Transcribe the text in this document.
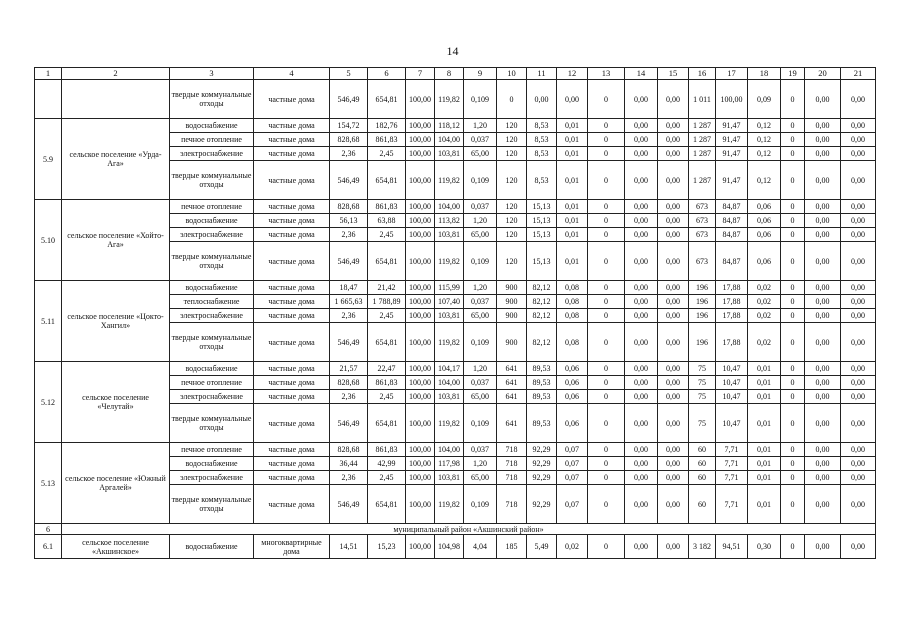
14
1	2	3	4	5	6	7	8	9	10	11	12	13	14	15	16	17	18	19	20	21
		твердые коммунальные отходы	частные дома	546,49	654,81	100,00	119,82	0,109	0	0,00	0,00	0	0,00	0,00	1 011	100,00	0,09	0	0,00	0,00
5.9	сельское поселение «Урда-Ага»	водоснабжение	частные дома	154,72	182,76	100,00	118,12	1,20	120	8,53	0,01	0	0,00	0,00	1 287	91,47	0,12	0	0,00	0,00
		печное отопление	частные дома	828,68	861,83	100,00	104,00	0,037	120	8,53	0,01	0	0,00	0,00	1 287	91,47	0,12	0	0,00	0,00
		электроснабжение	частные дома	2,36	2,45	100,00	103,81	65,00	120	8,53	0,01	0	0,00	0,00	1 287	91,47	0,12	0	0,00	0,00
		твердые коммунальные отходы	частные дома	546,49	654,81	100,00	119,82	0,109	120	8,53	0,01	0	0,00	0,00	1 287	91,47	0,12	0	0,00	0,00
5.10	сельское поселение «Хойто-Ага»	печное отопление	частные дома	828,68	861,83	100,00	104,00	0,037	120	15,13	0,01	0	0,00	0,00	673	84,87	0,06	0	0,00	0,00
		водоснабжение	частные дома	56,13	63,88	100,00	113,82	1,20	120	15,13	0,01	0	0,00	0,00	673	84,87	0,06	0	0,00	0,00
		электроснабжение	частные дома	2,36	2,45	100,00	103,81	65,00	120	15,13	0,01	0	0,00	0,00	673	84,87	0,06	0	0,00	0,00
		твердые коммунальные отходы	частные дома	546,49	654,81	100,00	119,82	0,109	120	15,13	0,01	0	0,00	0,00	673	84,87	0,06	0	0,00	0,00
5.11	сельское поселение «Цокто-Хангил»	водоснабжение	частные дома	18,47	21,42	100,00	115,99	1,20	900	82,12	0,08	0	0,00	0,00	196	17,88	0,02	0	0,00	0,00
		теплоснабжение	частные дома	1 665,63	1 788,89	100,00	107,40	0,037	900	82,12	0,08	0	0,00	0,00	196	17,88	0,02	0	0,00	0,00
		электроснабжение	частные дома	2,36	2,45	100,00	103,81	65,00	900	82,12	0,08	0	0,00	0,00	196	17,88	0,02	0	0,00	0,00
		твердые коммунальные отходы	частные дома	546,49	654,81	100,00	119,82	0,109	900	82,12	0,08	0	0,00	0,00	196	17,88	0,02	0	0,00	0,00
5.12	сельское поселение «Челутай»	водоснабжение	частные дома	21,57	22,47	100,00	104,17	1,20	641	89,53	0,06	0	0,00	0,00	75	10,47	0,01	0	0,00	0,00
		печное отопление	частные дома	828,68	861,83	100,00	104,00	0,037	641	89,53	0,06	0	0,00	0,00	75	10,47	0,01	0	0,00	0,00
		электроснабжение	частные дома	2,36	2,45	100,00	103,81	65,00	641	89,53	0,06	0	0,00	0,00	75	10,47	0,01	0	0,00	0,00
		твердые коммунальные отходы	частные дома	546,49	654,81	100,00	119,82	0,109	641	89,53	0,06	0	0,00	0,00	75	10,47	0,01	0	0,00	0,00
5.13	сельское поселение «Южный Аргалей»	печное отопление	частные дома	828,68	861,83	100,00	104,00	0,037	718	92,29	0,07	0	0,00	0,00	60	7,71	0,01	0	0,00	0,00
		водоснабжение	частные дома	36,44	42,99	100,00	117,98	1,20	718	92,29	0,07	0	0,00	0,00	60	7,71	0,01	0	0,00	0,00
		электроснабжение	частные дома	2,36	2,45	100,00	103,81	65,00	718	92,29	0,07	0	0,00	0,00	60	7,71	0,01	0	0,00	0,00
		твердые коммунальные отходы	частные дома	546,49	654,81	100,00	119,82	0,109	718	92,29	0,07	0	0,00	0,00	60	7,71	0,01	0	0,00	0,00
6	муниципальный район «Акшинский район»																			
6.1	сельское поселение «Акшинское»	водоснабжение	многоквартирные дома	14,51	15,23	100,00	104,98	4,04	185	5,49	0,02	0	0,00	0,00	3 182	94,51	0,30	0	0,00	0,00
